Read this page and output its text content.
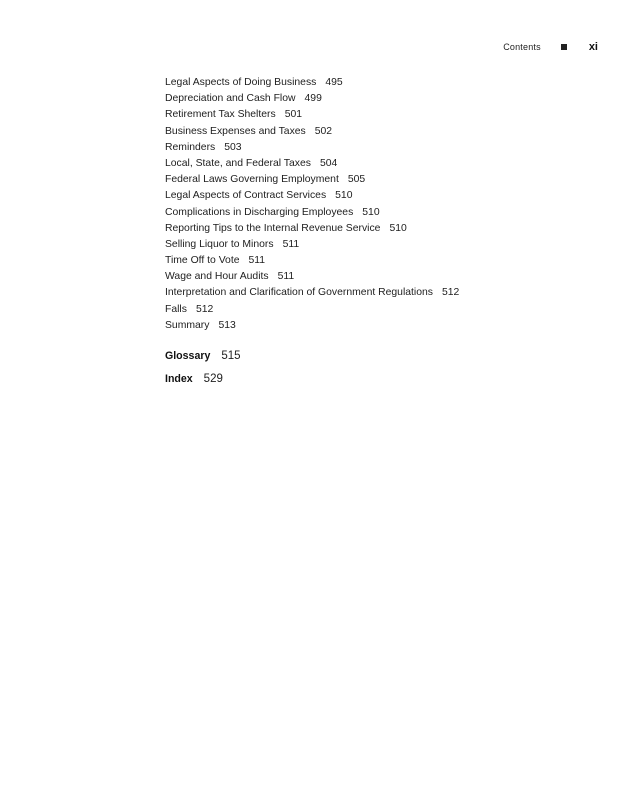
Contents	xi
Legal Aspects of Doing Business 495
Depreciation and Cash Flow 499
Retirement Tax Shelters 501
Business Expenses and Taxes 502
Reminders 503
Local, State, and Federal Taxes 504
Federal Laws Governing Employment 505
Legal Aspects of Contract Services 510
Complications in Discharging Employees 510
Reporting Tips to the Internal Revenue Service 510
Selling Liquor to Minors 511
Time Off to Vote 511
Wage and Hour Audits 511
Interpretation and Clarification of Government Regulations 512
Falls 512
Summary 513
Glossary 515
Index 529
